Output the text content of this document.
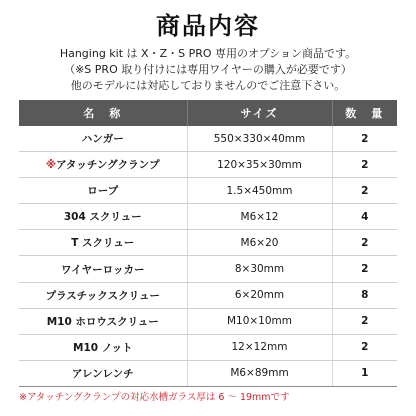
商品内容
Hanging kit は X・Z・S PRO 専用のオプション商品です。
（※S PRO 取り付けには専用ワイヤーの購入が必要です）
他のモデルには対応しておりませんのでご注意下さい。
名　称	サイズ	数　量
ハンガー	550×330×40mm	2
※アタッチングクランプ	120×35×30mm	2
ロープ	1.5×450mm	2
304 スクリュー	M6×12	4
T スクリュー	M6×20	2
ワイヤーロッカー	8×30mm	2
プラスチックスクリュー	6×20mm	8
M10 ホロウスクリュー	M10×10mm	2
M10 ノット	12×12mm	2
アレンレンチ	M6×89mm	1
※アタッチングクランプの対応水槽ガラス厚は 6 ～ 19mmです
